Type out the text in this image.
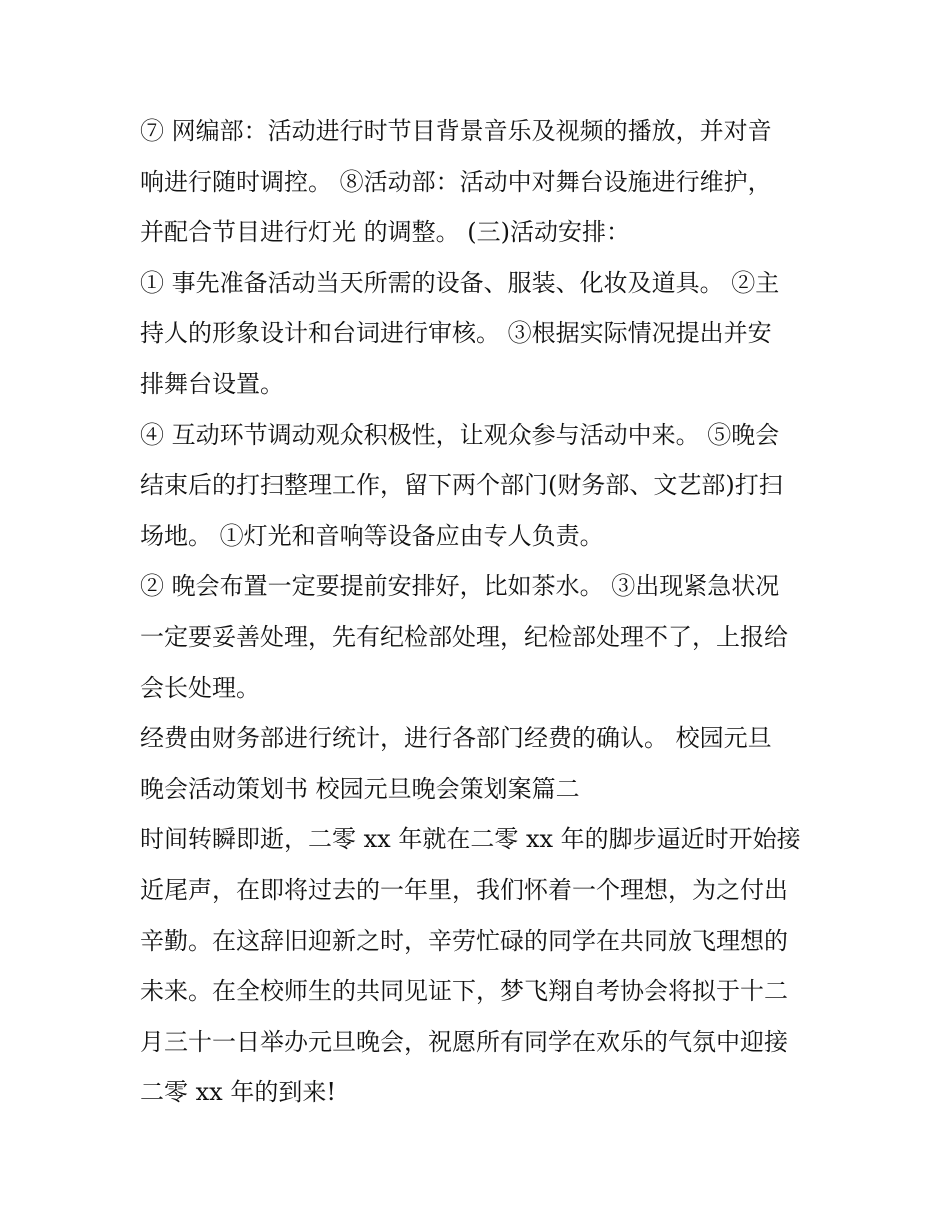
⑦ 网编部：活动进行时节目背景音乐及视频的播放，并对音
响进行随时调控。 ⑧活动部：活动中对舞台设施进行维护，
并配合节目进行灯光 的调整。 (三)活动安排：
① 事先准备活动当天所需的设备、服装、化妆及道具。 ②主
持人的形象设计和台词进行审核。 ③根据实际情况提出并安
排舞台设置。
④ 互动环节调动观众积极性，让观众参与活动中来。 ⑤晚会
结束后的打扫整理工作，留下两个部门(财务部、文艺部)打扫
场地。 ①灯光和音响等设备应由专人负责。
② 晚会布置一定要提前安排好，比如茶水。 ③出现紧急状况
一定要妥善处理，先有纪检部处理，纪检部处理不了，上报给
会长处理。
经费由财务部进行统计，进行各部门经费的确认。 校园元旦
晚会活动策划书 校园元旦晚会策划案篇二
时间转瞬即逝，二零 xx 年就在二零 xx 年的脚步逼近时开始接
近尾声，在即将过去的一年里，我们怀着一个理想，为之付出
辛勤。在这辞旧迎新之时，辛劳忙碌的同学在共同放飞理想的
未来。在全校师生的共同见证下，梦飞翔自考协会将拟于十二
月三十一日举办元旦晚会，祝愿所有同学在欢乐的气氛中迎接
二零 xx 年的到来!
